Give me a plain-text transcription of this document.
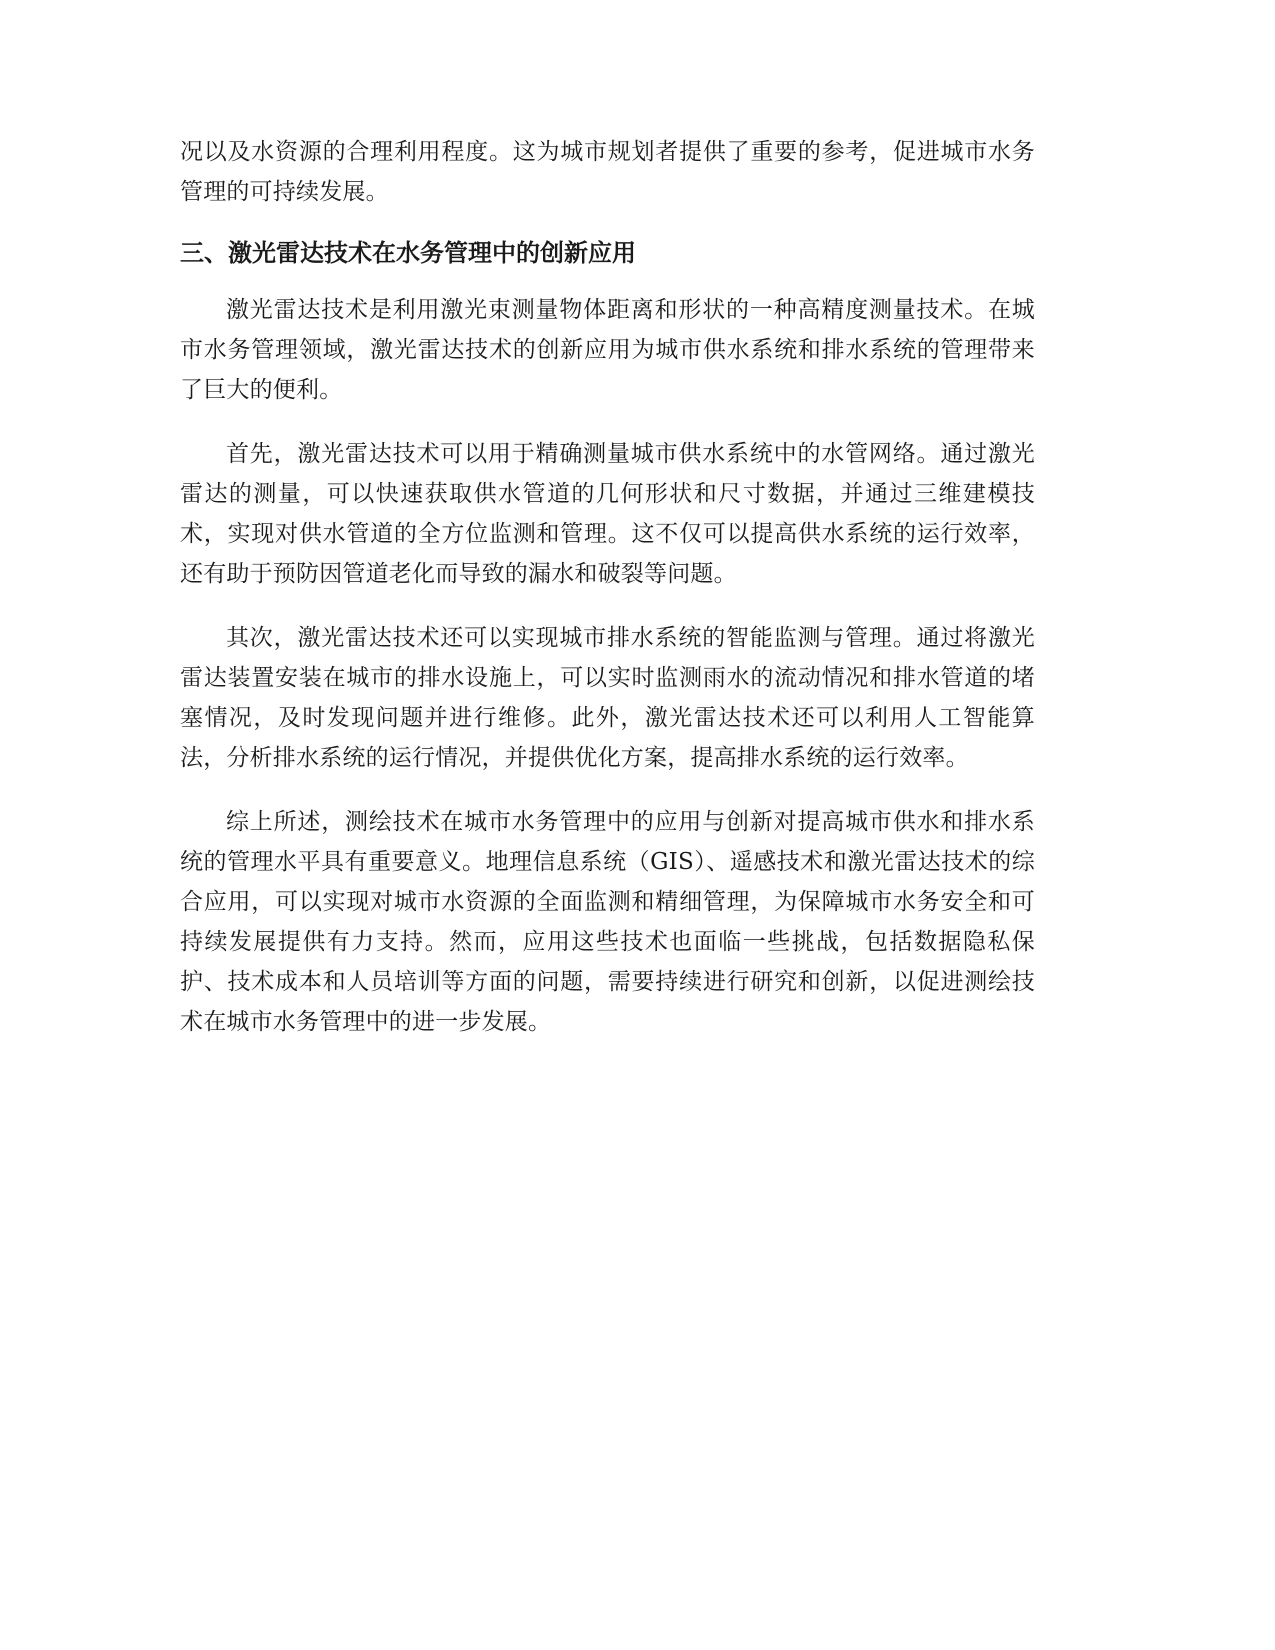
况以及水资源的合理利用程度。这为城市规划者提供了重要的参考，促进城市水务管理的可持续发展。

三、激光雷达技术在水务管理中的创新应用

激光雷达技术是利用激光束测量物体距离和形状的一种高精度测量技术。在城市水务管理领域，激光雷达技术的创新应用为城市供水系统和排水系统的管理带来了巨大的便利。

首先，激光雷达技术可以用于精确测量城市供水系统中的水管网络。通过激光雷达的测量，可以快速获取供水管道的几何形状和尺寸数据，并通过三维建模技术，实现对供水管道的全方位监测和管理。这不仅可以提高供水系统的运行效率，还有助于预防因管道老化而导致的漏水和破裂等问题。

其次，激光雷达技术还可以实现城市排水系统的智能监测与管理。通过将激光雷达装置安装在城市的排水设施上，可以实时监测雨水的流动情况和排水管道的堵塞情况，及时发现问题并进行维修。此外，激光雷达技术还可以利用人工智能算法，分析排水系统的运行情况，并提供优化方案，提高排水系统的运行效率。

综上所述，测绘技术在城市水务管理中的应用与创新对提高城市供水和排水系统的管理水平具有重要意义。地理信息系统（GIS）、遥感技术和激光雷达技术的综合应用，可以实现对城市水资源的全面监测和精细管理，为保障城市水务安全和可持续发展提供有力支持。然而，应用这些技术也面临一些挑战，包括数据隐私保护、技术成本和人员培训等方面的问题，需要持续进行研究和创新，以促进测绘技术在城市水务管理中的进一步发展。
